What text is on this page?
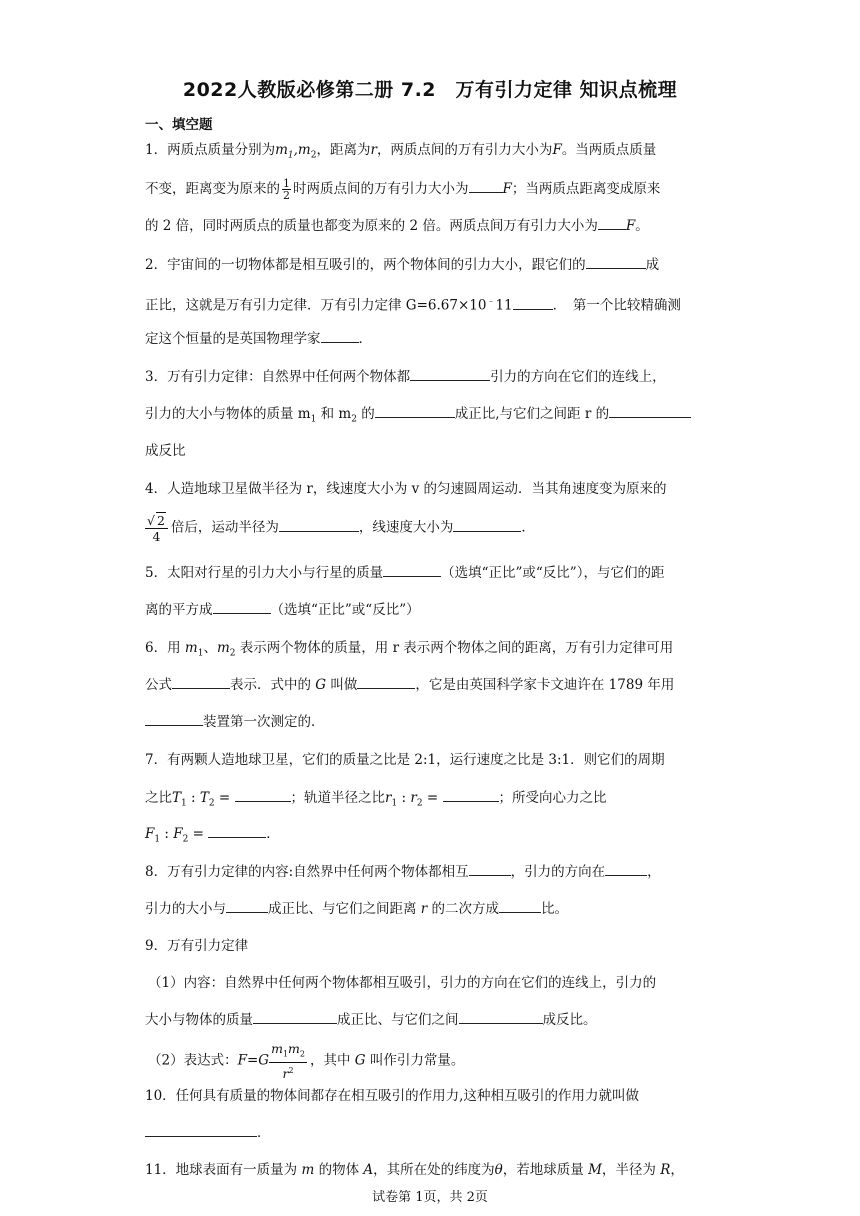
2022人教版必修第二册 7.2　万有引力定律 知识点梳理
一、填空题
1．两质点质量分别为$m_1,m_2$，距离为r，两质点间的万有引力大小为F。当两质点质量
不变，距离变为原来的 $\frac{1}{2}$ 时两质点间的万有引力大小为	F；当两质点距离变成原来
的 2 倍，同时两质点的质量也都变为原来的 2 倍。两质点间万有引力大小为 F。
2．宇宙间的一切物体都是相互吸引的，两个物体间的引力大小，跟它们的	成
正比，这就是万有引力定律．万有引力定律 G=6.67×10﹣11	．　第一个比较精确测
定这个恒量的是英国物理学家	．
3．万有引力定律：自然界中任何两个物体都	引力的方向在它们的连线上，
引力的大小与物体的质量 $m_1$ 和 $m_2$ 的	成正比,与它们之间距 r 的
成反比
4．人造地球卫星做半径为 r，线速度大小为 v 的匀速圆周运动．当其角速度变为原来的
$\frac{√ 2}{4}$ 倍后，运动半径为	，线速度大小为	．
5．太阳对行星的引力大小与行星的质量	（选填“正比”或“反比”），与它们的距
离的平方成	（选填“正比”或“反比”）
6．用 $m_1$、$m_2$ 表示两个物体的质量，用 r 表示两个物体之间的距离，万有引力定律可用
公式	表示．式中的 G 叫做	，它是由英国科学家卡文迪许在 1789 年用
装置第一次测定的．
7．有两颗人造地球卫星，它们的质量之比是 2:1，运行速度之比是 3:1．则它们的周期
之比$T_1$ : $T_2$ =	；轨道半径之比$r_1$ : $r_2$ =	；所受向心力之比
$F_1$ : $F_2$ =	．
8．万有引力定律的内容:自然界中任何两个物体都相互	，引力的方向在	，
引力的大小与	成正比、与它们之间距离 r 的二次方成	比。
9．万有引力定律
（1）内容：自然界中任何两个物体都相互吸引，引力的方向在它们的连线上，引力的
大小与物体的质量	成正比、与它们之间	成反比。
（2）表达式：$F=G \frac{m_1m_2}{r^2}$ ，其中 G 叫作引力常量。
10．任何具有质量的物体间都存在相互吸引的作用力,这种相互吸引的作用力就叫做
．
11．地球表面有一质量为 m 的物体 A，其所在处的纬度为θ，若地球质量 M，半径为 R，
试卷第 1页，共 2页
